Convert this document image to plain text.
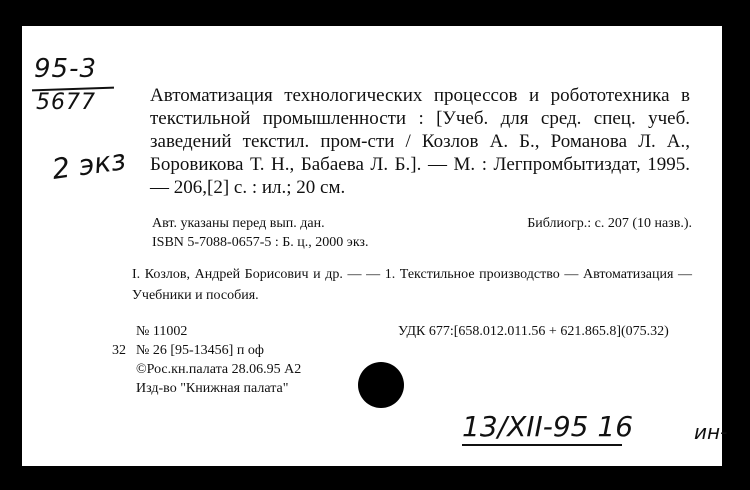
95-3
5677
2 экз
Автоматизация технологических процессов и робототехника в текстильной промышленности : [Учеб. для сред. спец. учеб. заведений текстил. пром-сти / Козлов А. Б., Романова Л. А., Боровикова Т. Н., Бабаева Л. Б.]. — М. : Легпромбытиздат, 1995. — 206,[2] с. : ил.; 20 см.
Авт. указаны перед вып. дан.	Библиогр.: с. 207 (10 назв.).
ISBN 5-7088-0657-5 : Б. ц., 2000 экз.
I. Козлов, Андрей Борисович и др. — — 1. Текстильное производство — Автоматизация — Учебники и пособия.
№ 11002	УДК 677:[658.012.011.56 + 621.865.8](075.32)
32 № 26 [95-13456] п оф
©Рос.кн.палата 28.06.95 А2
Изд-во "Книжная палата"
13/XII-95 16	ин-
